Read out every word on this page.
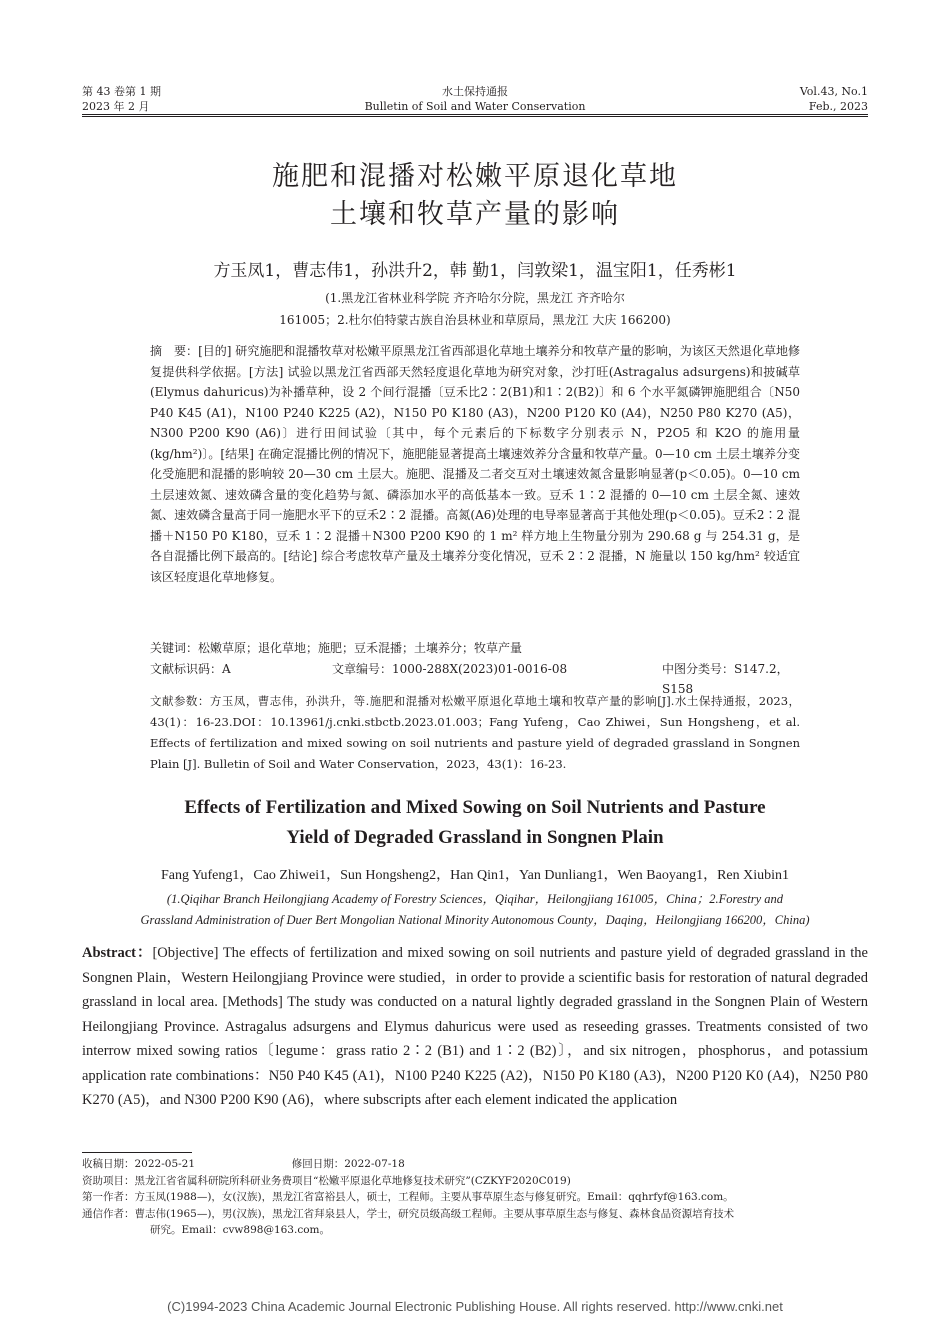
第 43 卷第 1 期
2023 年 2 月
水土保持通报
Bulletin of Soil and Water Conservation
Vol.43, No.1
Feb., 2023
施肥和混播对松嫩平原退化草地
土壤和牧草产量的影响
方玉凤1，曹志伟1，孙洪升2，韩 勤1，闫敦梁1，温宝阳1，任秀彬1
(1.黑龙江省林业科学院 齐齐哈尔分院，黑龙江 齐齐哈尔
161005；2.杜尔伯特蒙古族自治县林业和草原局，黑龙江 大庆 166200)

摘　要：[目的] 研究施肥和混播牧草对松嫩平原黑龙江省西部退化草地土壤养分和牧草产量的影响，为该区天然退化草地修复提供科学依据。[方法] 试验以黑龙江省西部天然轻度退化草地为研究对象，沙打旺(Astragalus adsurgens)和披碱草(Elymus dahuricus)为补播草种，设 2 个间行混播〔豆禾比2∶2(B1)和1∶2(B2)〕和 6 个水平氮磷钾施肥组合〔N50 P40 K45 (A1)，N100 P240 K225 (A2)，N150 P0 K180 (A3)，N200 P120 K0 (A4)，N250 P80 K270 (A5)，N300 P200 K90 (A6)〕进行田间试验〔其中，每个元素后的下标数字分别表示 N，P2O5 和 K2O 的施用量(kg/hm²)〕。[结果] 在确定混播比例的情况下，施肥能显著提高土壤速效养分含量和牧草产量。0—10 cm 土层土壤养分变化受施肥和混播的影响较 20—30 cm 土层大。施肥、混播及二者交互对土壤速效氮含量影响显著(p＜0.05)。0—10 cm 土层速效氮、速效磷含量的变化趋势与氮、磷添加水平的高低基本一致。豆禾 1∶2 混播的 0—10 cm 土层全氮、速效氮、速效磷含量高于同一施肥水平下的豆禾2∶2 混播。高氮(A6)处理的电导率显著高于其他处理(p＜0.05)。豆禾2∶2 混播＋N150 P0 K180，豆禾 1∶2 混播＋N300 P200 K90 的 1 m² 样方地上生物量分别为 290.68 g 与 254.31 g，是各自混播比例下最高的。[结论] 综合考虑牧草产量及土壤养分变化情况，豆禾 2∶2 混播，N 施量以 150 kg/hm² 较适宜该区轻度退化草地修复。

关键词：松嫩草原；退化草地；施肥；豆禾混播；土壤养分；牧草产量
文献标识码：A	文章编号：1000-288X(2023)01-0016-08	中图分类号：S147.2，S158
文献参数：方玉凤，曹志伟，孙洪升，等.施肥和混播对松嫩平原退化草地土壤和牧草产量的影响[J].水土保持通报，2023，43(1)：16-23.DOI：10.13961/j.cnki.stbctb.2023.01.003；Fang Yufeng，Cao Zhiwei，Sun Hongsheng，et al. Effects of fertilization and mixed sowing on soil nutrients and pasture yield of degraded grassland in Songnen Plain [J]. Bulletin of Soil and Water Conservation，2023，43(1)：16-23.
Effects of Fertilization and Mixed Sowing on Soil Nutrients and Pasture
Yield of Degraded Grassland in Songnen Plain
Fang Yufeng1，Cao Zhiwei1，Sun Hongsheng2，Han Qin1，Yan Dunliang1，Wen Baoyang1，Ren Xiubin1
(1.Qiqihar Branch Heilongjiang Academy of Forestry Sciences，Qiqihar，Heilongjiang 161005，China；2.Forestry and
Grassland Administration of Duer Bert Mongolian National Minority Autonomous County，Daqing，Heilongjiang 166200，China)
Abstract：[Objective] The effects of fertilization and mixed sowing on soil nutrients and pasture yield of degraded grassland in the Songnen Plain，Western Heilongjiang Province were studied，in order to provide a scientific basis for restoration of natural degraded grassland in local area. [Methods] The study was conducted on a natural lightly degraded grassland in the Songnen Plain of Western Heilongjiang Province. Astragalus adsurgens and Elymus dahuricus were used as reseeding grasses. Treatments consisted of two interrow mixed sowing ratios〔legume：grass ratio 2∶2 (B1) and 1∶2 (B2)〕，and six nitrogen，phosphorus，and potassium application rate combinations：N50 P40 K45 (A1)，N100 P240 K225 (A2)，N150 P0 K180 (A3)，N200 P120 K0 (A4)，N250 P80 K270 (A5)，and N300 P200 K90 (A6)，where subscripts after each element indicated the application
收稿日期：2022-05-21	修回日期：2022-07-18
资助项目：黑龙江省省属科研院所科研业务费项目“松嫩平原退化草地修复技术研究”(CZKYF2020C019)
第一作者：方玉凤(1988—)，女(汉族)，黑龙江省富裕县人，硕士，工程师。主要从事草原生态与修复研究。Email：qqhrfyf@163.com。
通信作者：曹志伟(1965—)，男(汉族)，黑龙江省拜泉县人，学士，研究员级高级工程师。主要从事草原生态与修复、森林食品资源培育技术
研究。Email：cvw898@163.com。
(C)1994-2023 China Academic Journal Electronic Publishing House. All rights reserved. http://www.cnki.net
